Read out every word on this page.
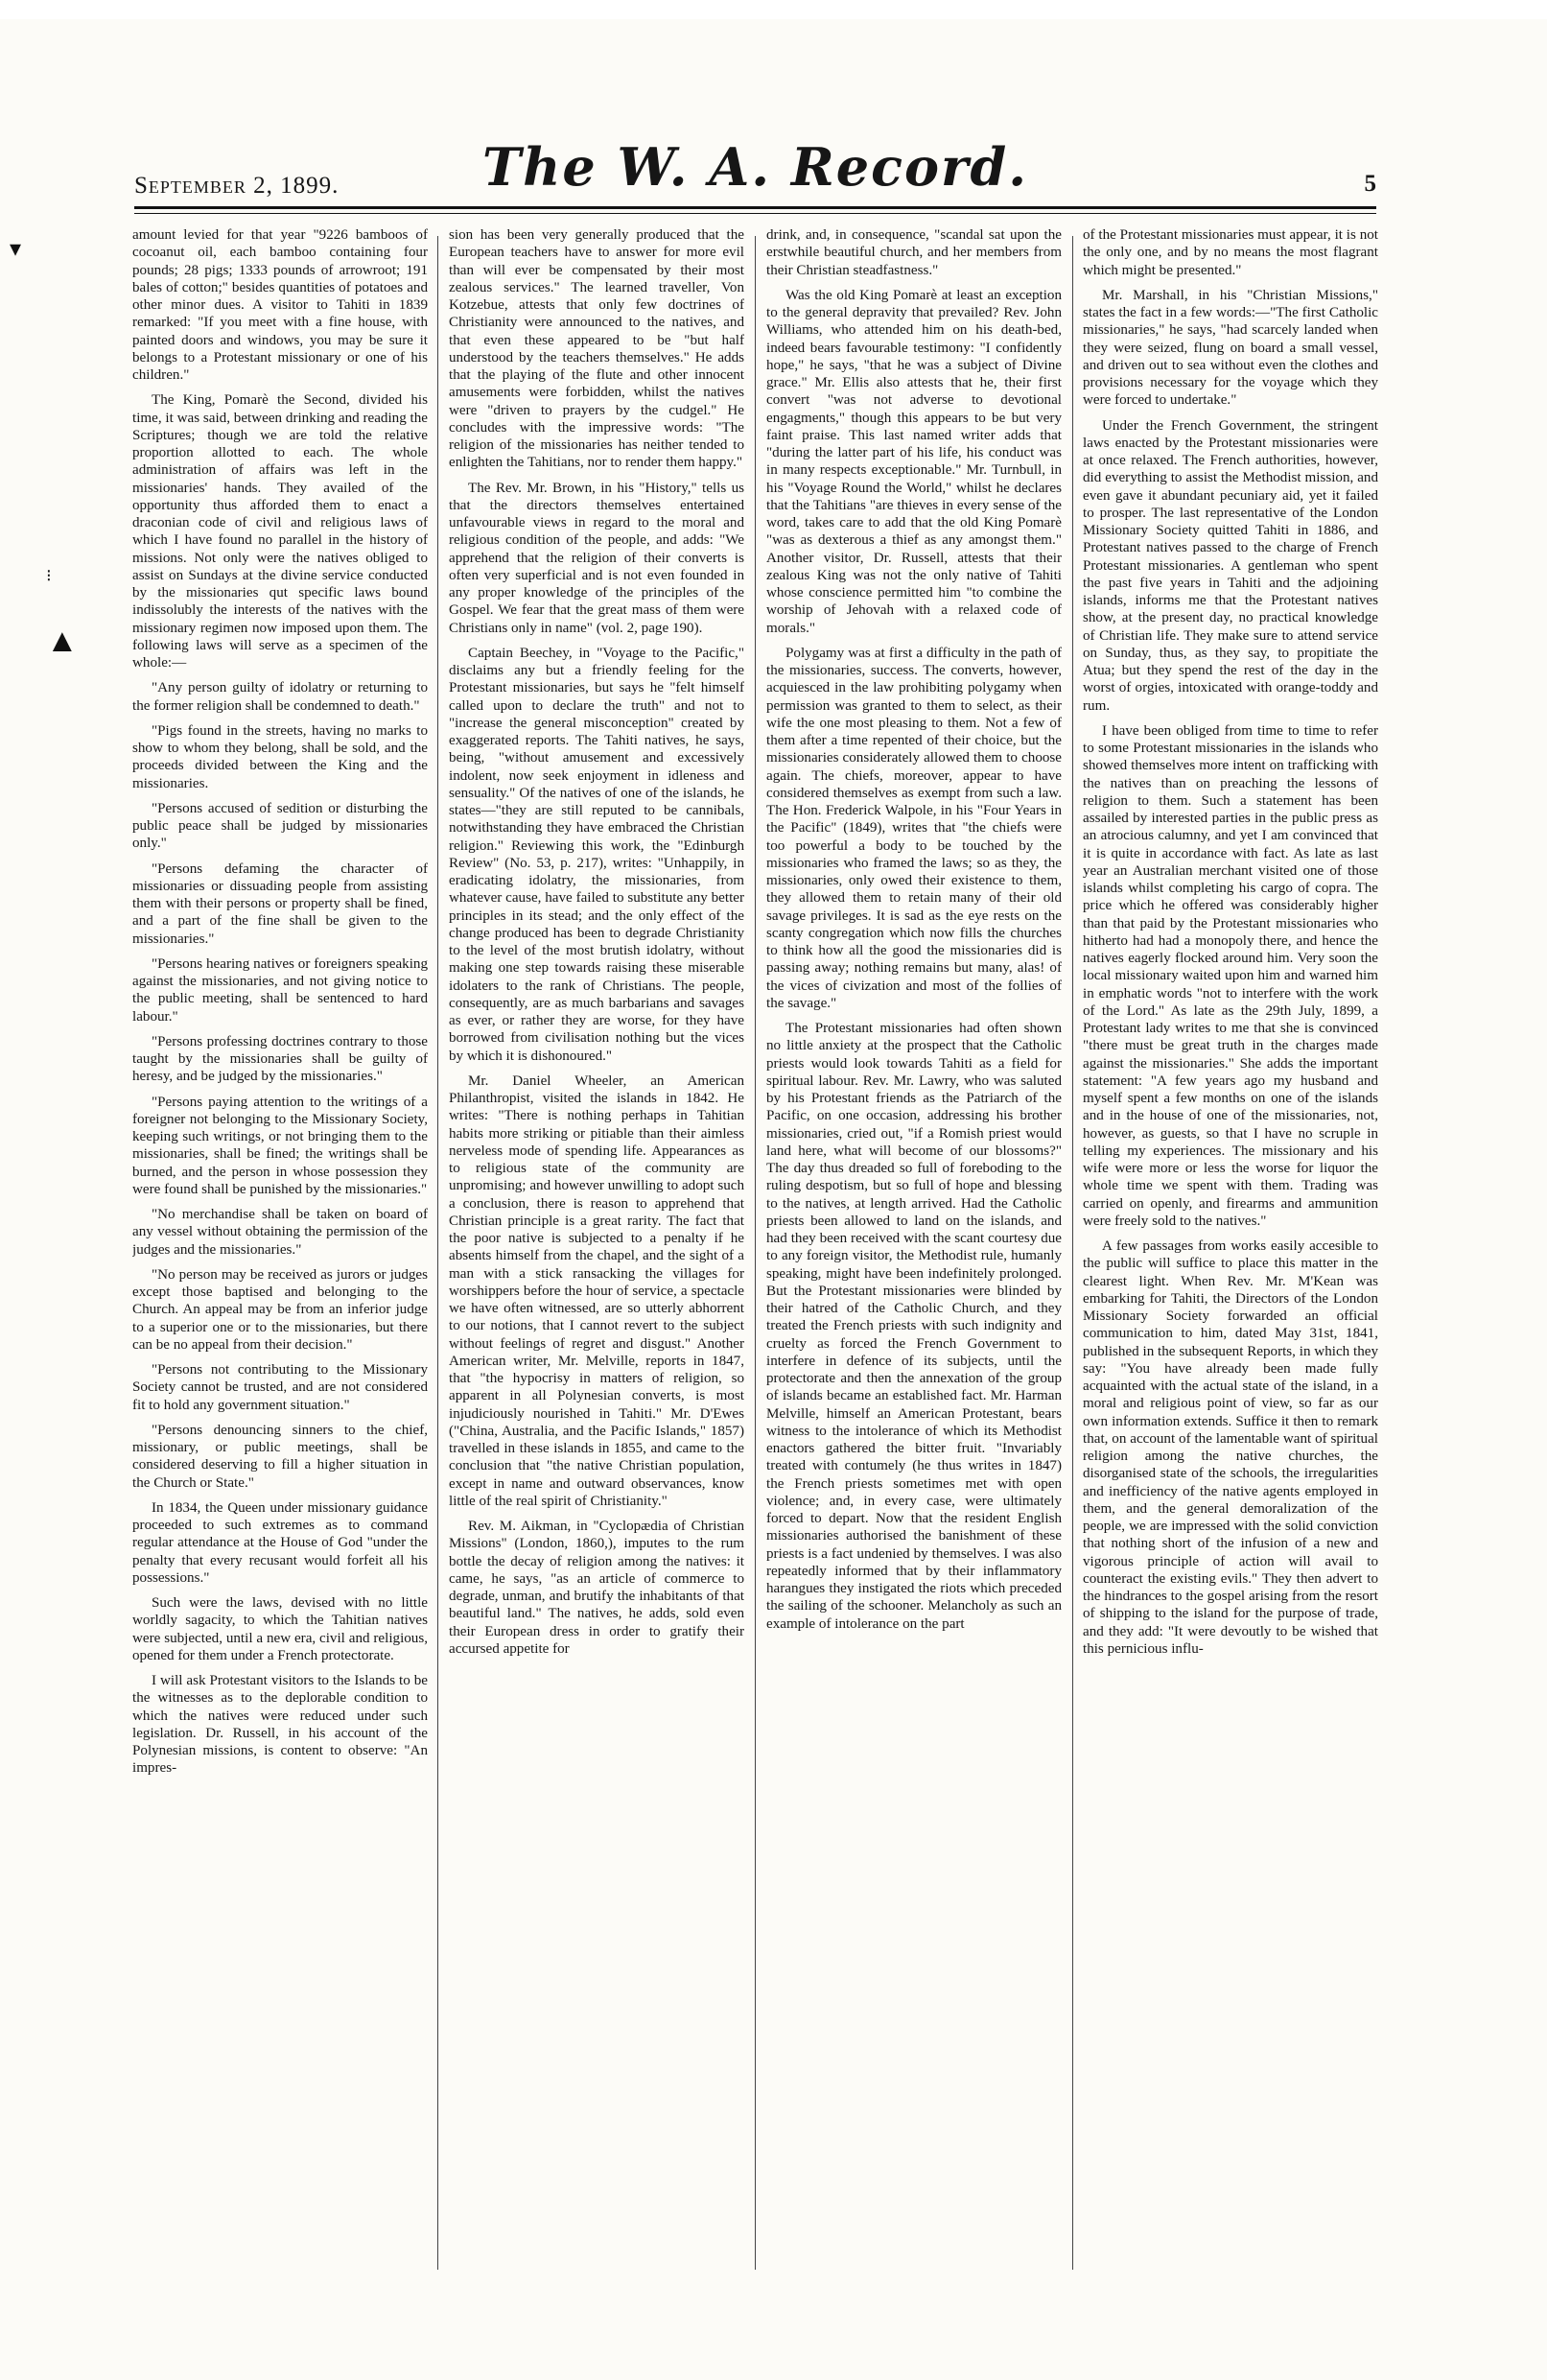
▾
⁝
▲
September 2, 1899.	The W. A. Record.	5

amount levied for that year "9226 bamboos of cocoanut oil, each bamboo containing four pounds; 28 pigs; 1333 pounds of arrowroot; 191 bales of cotton;" besides quantities of potatoes and other minor dues. A visitor to Tahiti in 1839 remarked: "If you meet with a fine house, with painted doors and windows, you may be sure it belongs to a Protestant missionary or one of his children."

The King, Pomarè the Second, divided his time, it was said, between drinking and reading the Scriptures; though we are told the relative proportion allotted to each. The whole administration of affairs was left in the missionaries' hands. They availed of the opportunity thus afforded them to enact a draconian code of civil and religious laws of which I have found no parallel in the history of missions. Not only were the natives obliged to assist on Sundays at the divine service conducted by the missionaries qut specific laws bound indissolubly the interests of the natives with the missionary regimen now imposed upon them. The following laws will serve as a specimen of the whole:—

"Any person guilty of idolatry or returning to the former religion shall be condemned to death."

"Pigs found in the streets, having no marks to show to whom they belong, shall be sold, and the proceeds divided between the King and the missionaries.

"Persons accused of sedition or disturbing the public peace shall be judged by missionaries only."

"Persons defaming the character of missionaries or dissuading people from assisting them with their persons or property shall be fined, and a part of the fine shall be given to the missionaries."

"Persons hearing natives or foreigners speaking against the missionaries, and not giving notice to the public meeting, shall be sentenced to hard labour."

"Persons professing doctrines contrary to those taught by the missionaries shall be guilty of heresy, and be judged by the missionaries."

"Persons paying attention to the writings of a foreigner not belonging to the Missionary Society, keeping such writings, or not bringing them to the missionaries, shall be fined; the writings shall be burned, and the person in whose possession they were found shall be punished by the missionaries."

"No merchandise shall be taken on board of any vessel without obtaining the permission of the judges and the missionaries."

"No person may be received as jurors or judges except those baptised and belonging to the Church. An appeal may be from an inferior judge to a superior one or to the missionaries, but there can be no appeal from their decision."

"Persons not contributing to the Missionary Society cannot be trusted, and are not considered fit to hold any government situation."

"Persons denouncing sinners to the chief, missionary, or public meetings, shall be considered deserving to fill a higher situation in the Church or State."

In 1834, the Queen under missionary guidance proceeded to such extremes as to command regular attendance at the House of God "under the penalty that every recusant would forfeit all his possessions."

Such were the laws, devised with no little worldly sagacity, to which the Tahitian natives were subjected, until a new era, civil and religious, opened for them under a French protectorate.

I will ask Protestant visitors to the Islands to be the witnesses as to the deplorable condition to which the natives were reduced under such legislation. Dr. Russell, in his account of the Polynesian missions, is content to observe: "An impres-

sion has been very generally produced that the European teachers have to answer for more evil than will ever be compensated by their most zealous services." The learned traveller, Von Kotzebue, attests that only few doctrines of Christianity were announced to the natives, and that even these appeared to be "but half understood by the teachers themselves." He adds that the playing of the flute and other innocent amusements were forbidden, whilst the natives were "driven to prayers by the cudgel." He concludes with the impressive words: "The religion of the missionaries has neither tended to enlighten the Tahitians, nor to render them happy."

The Rev. Mr. Brown, in his "History," tells us that the directors themselves entertained unfavourable views in regard to the moral and religious condition of the people, and adds: "We apprehend that the religion of their converts is often very superficial and is not even founded in any proper knowledge of the principles of the Gospel. We fear that the great mass of them were Christians only in name" (vol. 2, page 190).

Captain Beechey, in "Voyage to the Pacific," disclaims any but a friendly feeling for the Protestant missionaries, but says he "felt himself called upon to declare the truth" and not to "increase the general misconception" created by exaggerated reports. The Tahiti natives, he says, being, "without amusement and excessively indolent, now seek enjoyment in idleness and sensuality." Of the natives of one of the islands, he states—"they are still reputed to be cannibals, notwithstanding they have embraced the Christian religion." Reviewing this work, the "Edinburgh Review" (No. 53, p. 217), writes: "Unhappily, in eradicating idolatry, the missionaries, from whatever cause, have failed to substitute any better principles in its stead; and the only effect of the change produced has been to degrade Christianity to the level of the most brutish idolatry, without making one step towards raising these miserable idolaters to the rank of Christians. The people, consequently, are as much barbarians and savages as ever, or rather they are worse, for they have borrowed from civilisation nothing but the vices by which it is dishonoured."

Mr. Daniel Wheeler, an American Philanthropist, visited the islands in 1842. He writes: "There is nothing perhaps in Tahitian habits more striking or pitiable than their aimless nerveless mode of spending life. Appearances as to religious state of the community are unpromising; and however unwilling to adopt such a conclusion, there is reason to apprehend that Christian principle is a great rarity. The fact that the poor native is subjected to a penalty if he absents himself from the chapel, and the sight of a man with a stick ransacking the villages for worshippers before the hour of service, a spectacle we have often witnessed, are so utterly abhorrent to our notions, that I cannot revert to the subject without feelings of regret and disgust." Another American writer, Mr. Melville, reports in 1847, that "the hypocrisy in matters of religion, so apparent in all Polynesian converts, is most injudiciously nourished in Tahiti." Mr. D'Ewes ("China, Australia, and the Pacific Islands," 1857) travelled in these islands in 1855, and came to the conclusion that "the native Christian population, except in name and outward observances, know little of the real spirit of Christianity."

Rev. M. Aikman, in "Cyclopædia of Christian Missions" (London, 1860,), imputes to the rum bottle the decay of religion among the natives: it came, he says, "as an article of commerce to degrade, unman, and brutify the inhabitants of that beautiful land." The natives, he adds, sold even their European dress in order to gratify their accursed appetite for

drink, and, in consequence, "scandal sat upon the erstwhile beautiful church, and her members from their Christian steadfastness."

Was the old King Pomarè at least an exception to the general depravity that prevailed? Rev. John Williams, who attended him on his death-bed, indeed bears favourable testimony: "I confidently hope," he says, "that he was a subject of Divine grace." Mr. Ellis also attests that he, their first convert "was not adverse to devotional engagments," though this appears to be but very faint praise. This last named writer adds that "during the latter part of his life, his conduct was in many respects exceptionable." Mr. Turnbull, in his "Voyage Round the World," whilst he declares that the Tahitians "are thieves in every sense of the word, takes care to add that the old King Pomarè "was as dexterous a thief as any amongst them." Another visitor, Dr. Russell, attests that their zealous King was not the only native of Tahiti whose conscience permitted him "to combine the worship of Jehovah with a relaxed code of morals."

Polygamy was at first a difficulty in the path of the missionaries, success. The converts, however, acquiesced in the law prohibiting polygamy when permission was granted to them to select, as their wife the one most pleasing to them. Not a few of them after a time repented of their choice, but the missionaries considerately allowed them to choose again. The chiefs, moreover, appear to have considered themselves as exempt from such a law. The Hon. Frederick Walpole, in his "Four Years in the Pacific" (1849), writes that "the chiefs were too powerful a body to be touched by the missionaries who framed the laws; so as they, the missionaries, only owed their existence to them, they allowed them to retain many of their old savage privileges. It is sad as the eye rests on the scanty congregation which now fills the churches to think how all the good the missionaries did is passing away; nothing remains but many, alas! of the vices of civization and most of the follies of the savage."

The Protestant missionaries had often shown no little anxiety at the prospect that the Catholic priests would look towards Tahiti as a field for spiritual labour. Rev. Mr. Lawry, who was saluted by his Protestant friends as the Patriarch of the Pacific, on one occasion, addressing his brother missionaries, cried out, "if a Romish priest would land here, what will become of our blossoms?" The day thus dreaded so full of foreboding to the ruling despotism, but so full of hope and blessing to the natives, at length arrived. Had the Catholic priests been allowed to land on the islands, and had they been received with the scant courtesy due to any foreign visitor, the Methodist rule, humanly speaking, might have been indefinitely prolonged. But the Protestant missionaries were blinded by their hatred of the Catholic Church, and they treated the French priests with such indignity and cruelty as forced the French Government to interfere in defence of its subjects, until the protectorate and then the annexation of the group of islands became an established fact. Mr. Harman Melville, himself an American Protestant, bears witness to the intolerance of which its Methodist enactors gathered the bitter fruit. "Invariably treated with contumely (he thus writes in 1847) the French priests sometimes met with open violence; and, in every case, were ultimately forced to depart. Now that the resident English missionaries authorised the banishment of these priests is a fact undenied by themselves. I was also repeatedly informed that by their inflammatory harangues they instigated the riots which preceded the sailing of the schooner. Melancholy as such an example of intolerance on the part

of the Protestant missionaries must appear, it is not the only one, and by no means the most flagrant which might be presented."

Mr. Marshall, in his "Christian Missions," states the fact in a few words:—"The first Catholic missionaries," he says, "had scarcely landed when they were seized, flung on board a small vessel, and driven out to sea without even the clothes and provisions necessary for the voyage which they were forced to undertake."

Under the French Government, the stringent laws enacted by the Protestant missionaries were at once relaxed. The French authorities, however, did everything to assist the Methodist mission, and even gave it abundant pecuniary aid, yet it failed to prosper. The last representative of the London Missionary Society quitted Tahiti in 1886, and Protestant natives passed to the charge of French Protestant missionaries. A gentleman who spent the past five years in Tahiti and the adjoining islands, informs me that the Protestant natives show, at the present day, no practical knowledge of Christian life. They make sure to attend service on Sunday, thus, as they say, to propitiate the Atua; but they spend the rest of the day in the worst of orgies, intoxicated with orange-toddy and rum.

I have been obliged from time to time to refer to some Protestant missionaries in the islands who showed themselves more intent on trafficking with the natives than on preaching the lessons of religion to them. Such a statement has been assailed by interested parties in the public press as an atrocious calumny, and yet I am convinced that it is quite in accordance with fact. As late as last year an Australian merchant visited one of those islands whilst completing his cargo of copra. The price which he offered was considerably higher than that paid by the Protestant missionaries who hitherto had had a monopoly there, and hence the natives eagerly flocked around him. Very soon the local missionary waited upon him and warned him in emphatic words "not to interfere with the work of the Lord." As late as the 29th July, 1899, a Protestant lady writes to me that she is convinced "there must be great truth in the charges made against the missionaries." She adds the important statement: "A few years ago my husband and myself spent a few months on one of the islands and in the house of one of the missionaries, not, however, as guests, so that I have no scruple in telling my experiences. The missionary and his wife were more or less the worse for liquor the whole time we spent with them. Trading was carried on openly, and firearms and ammunition were freely sold to the natives."

A few passages from works easily accesible to the public will suffice to place this matter in the clearest light. When Rev. Mr. M'Kean was embarking for Tahiti, the Directors of the London Missionary Society forwarded an official communication to him, dated May 31st, 1841, published in the subsequent Reports, in which they say: "You have already been made fully acquainted with the actual state of the island, in a moral and religious point of view, so far as our own information extends. Suffice it then to remark that, on account of the lamentable want of spiritual religion among the native churches, the disorganised state of the schools, the irregularities and inefficiency of the native agents employed in them, and the general demoralization of the people, we are impressed with the solid conviction that nothing short of the infusion of a new and vigorous principle of action will avail to counteract the existing evils." They then advert to the hindrances to the gospel arising from the resort of shipping to the island for the purpose of trade, and they add: "It were devoutly to be wished that this pernicious influ-
